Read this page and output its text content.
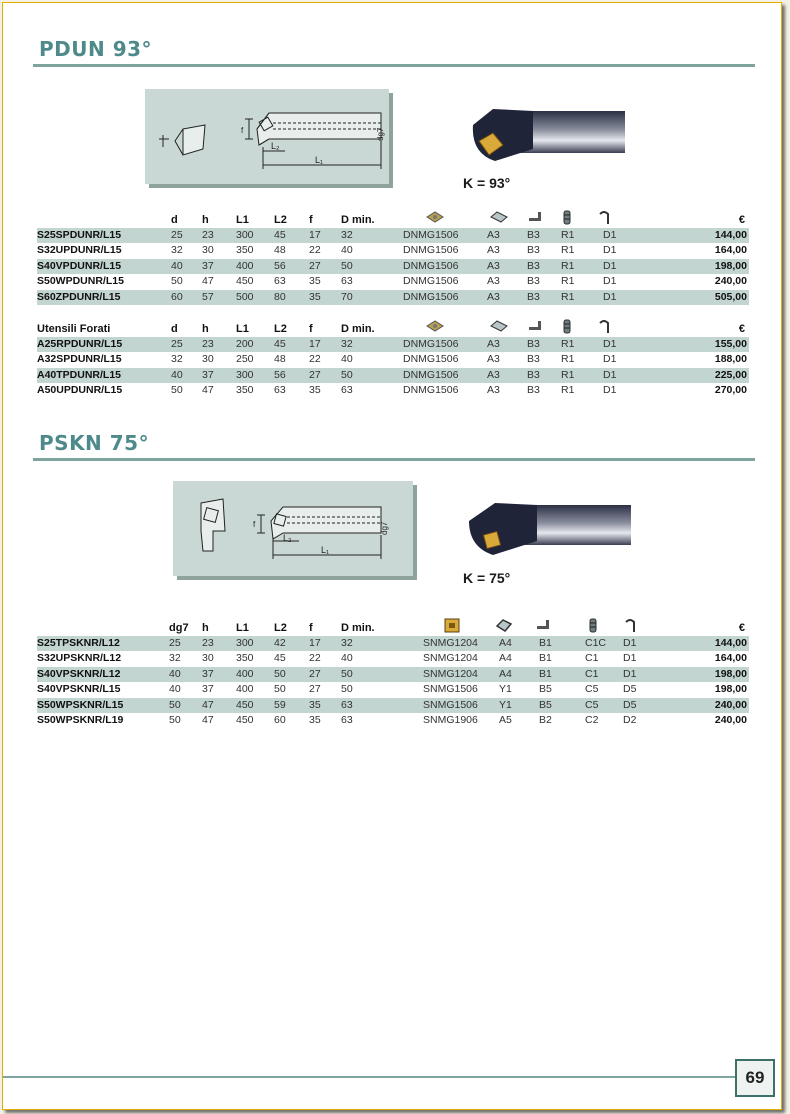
PDUN 93°
L₂
L₁
dg7
f
K = 93°
d h L1 L2 f	D min.	€
S25SPDUNR/L15	25 23 300 45 17 32	DNMG1506	A3	B3 R1	D1	144,00
S32UPDUNR/L15	32 30 350 48 22 40	DNMG1506	A3	B3 R1	D1	164,00
S40VPDUNR/L15	40 37 400 56 27 50	DNMG1506	A3	B3 R1	D1	198,00
S50WPDUNR/L15	50 47 450 63 35 63	DNMG1506	A3	B3 R1	D1	240,00
S60ZPDUNR/L15	60 57 500 80 35 70	DNMG1506	A3	B3 R1	D1	505,00
Utensili Forati	d h L1 L2 f	D min.	€
A25RPDUNR/L15	25 23 200 45 17 32	DNMG1506	A3	B3 R1	D1	155,00
A32SPDUNR/L15	32 30 250 48 22 40	DNMG1506	A3	B3 R1	D1	188,00
A40TPDUNR/L15	40 37 300 56 27 50	DNMG1506	A3	B3 R1	D1	225,00
A50UPDUNR/L15	50 47 350 63 35 63	DNMG1506	A3	B3 R1	D1	270,00
PSKN 75°
L₂
L₁
dg7
f
K = 75°
dg7 h L1 L2 f	D min.	€
S25TPSKNR/L12	25 23 300 42 17 32	SNMG1204 A4	B1	C1C D1	144,00
S32UPSKNR/L12	32 30 350 45 22 40	SNMG1204 A4	B1	C1 D1	164,00
S40VPSKNR/L12	40 37 400 50 27 50	SNMG1204 A4	B1	C1 D1	198,00
S40VPSKNR/L15	40 37 400 50 27 50	SNMG1506 Y1	B5	C5 D5	198,00
S50WPSKNR/L15	50 47 450 59 35 63	SNMG1506 Y1	B5	C5 D5	240,00
S50WPSKNR/L19	50 47 450 60 35 63	SNMG1906 A5	B2	C2 D2	240,00
69
